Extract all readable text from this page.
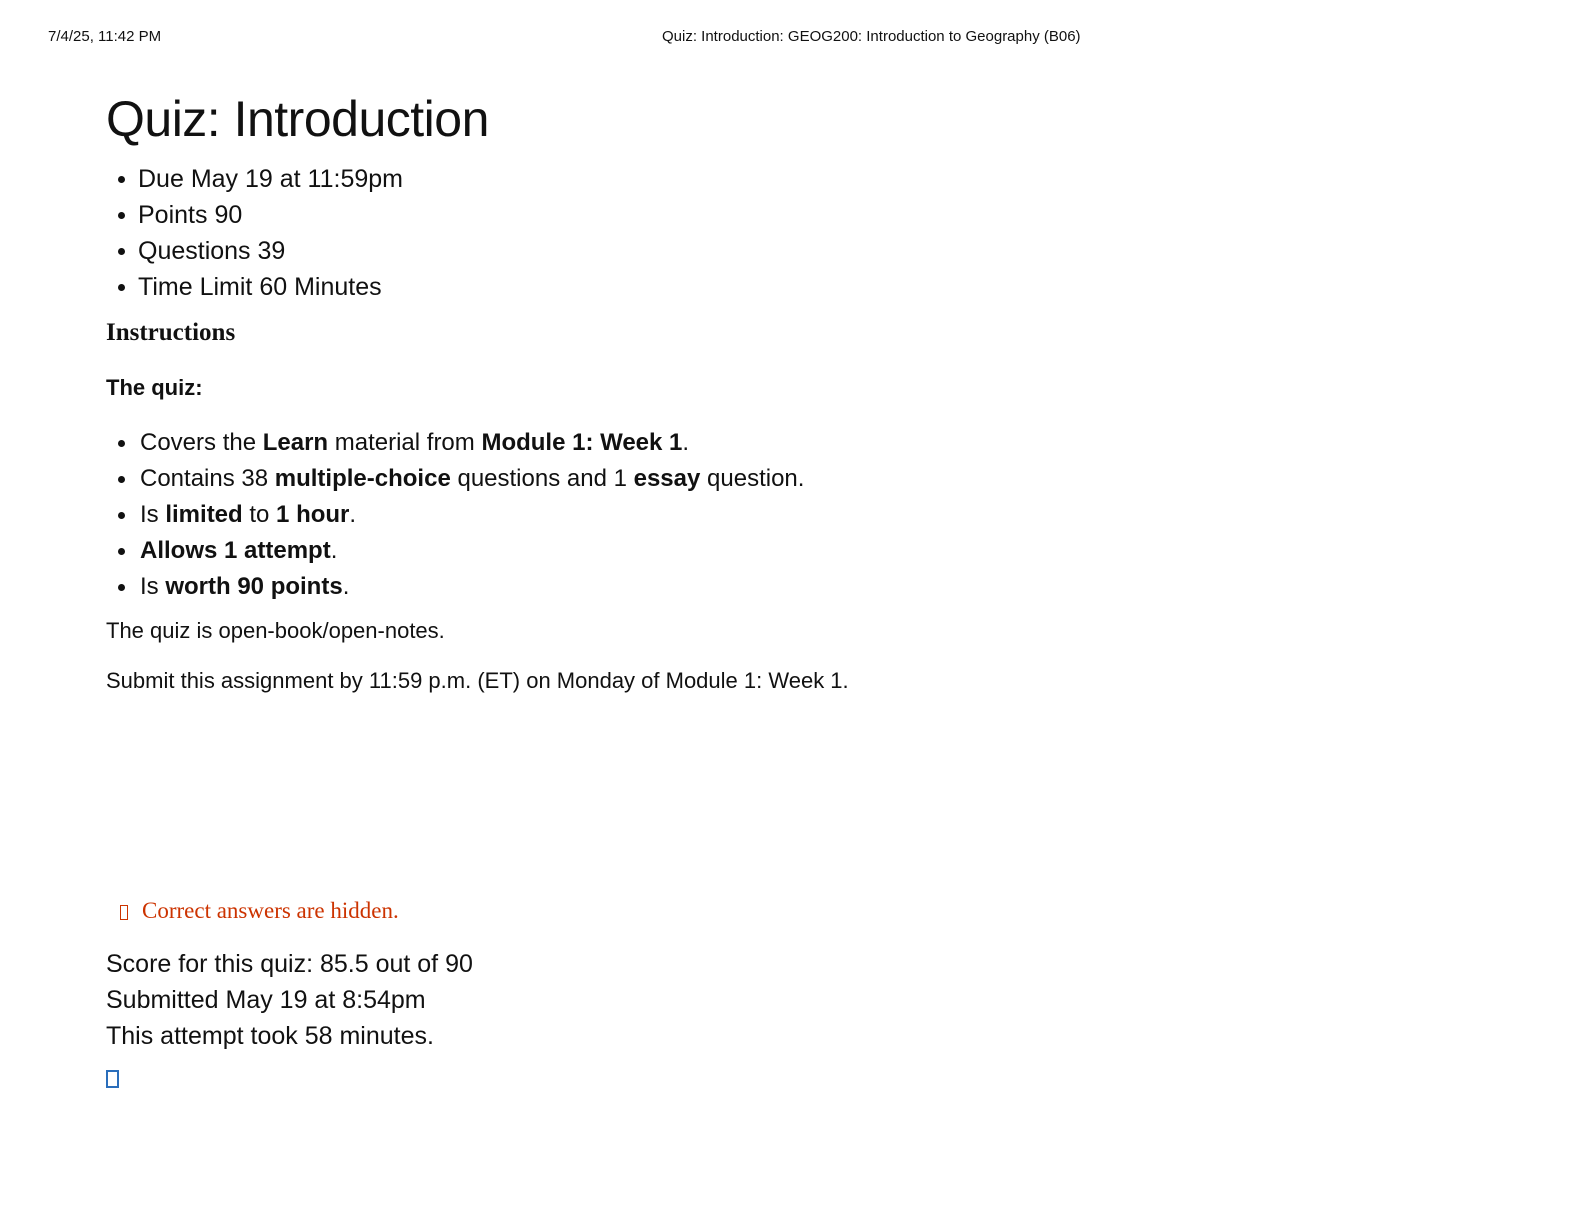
7/4/25, 11:42 PM	Quiz: Introduction: GEOG200: Introduction to Geography (B06)
Quiz: Introduction
Due May 19 at 11:59pm
Points 90
Questions 39
Time Limit 60 Minutes
Instructions
The quiz:
Covers the Learn material from Module 1: Week 1.
Contains 38 multiple-choice questions and 1 essay question.
Is limited to 1 hour.
Allows 1 attempt.
Is worth 90 points.

The quiz is open-book/open-notes.

Submit this assignment by 11:59 p.m. (ET) on Monday of Module 1: Week 1.

Correct answers are hidden.
Score for this quiz: 85.5 out of 90
Submitted May 19 at 8:54pm
This attempt took 58 minutes.
